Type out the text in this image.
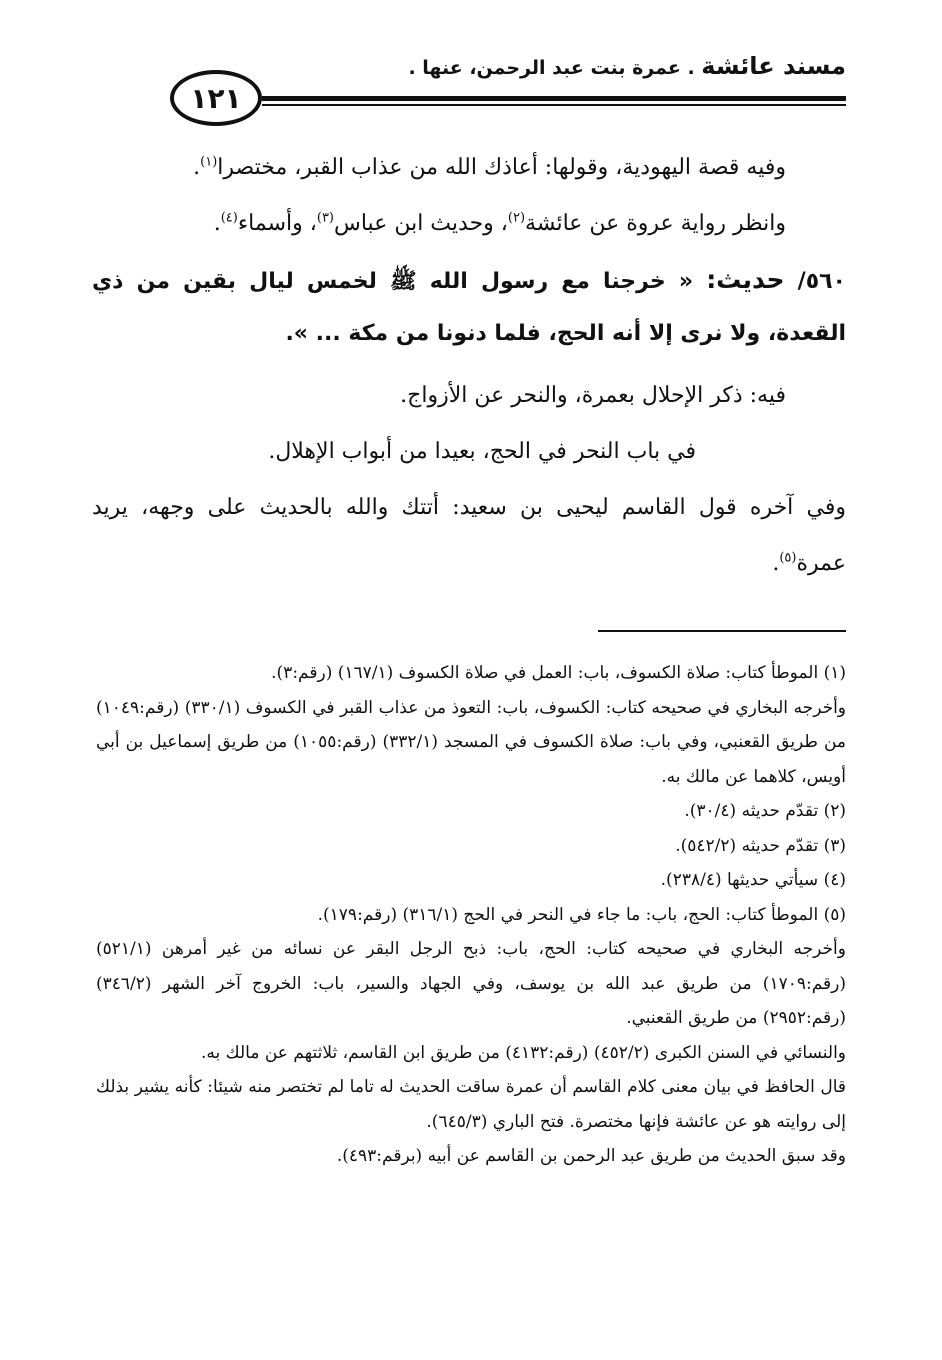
مسند عائشة . عمرة بنت عبد الرحمن، عنها .
١٢١

وفيه قصة اليهودية، وقولها: أعاذك الله من عذاب القبر، مختصرا$^{(١)}$.

وانظر رواية عروة عن عائشة$^{(٢)}$، وحديث ابن عباس$^{(٣)}$، وأسماء$^{(٤)}$.

٥٦٠/ حديث: « خرجنا مع رسول الله ﷺ لخمس ليال بقين من ذي القعدة، ولا نرى إلا أنه الحج، فلما دنونا من مكة ... ».

فيه: ذكر الإحلال بعمرة، والنحر عن الأزواج.

في باب النحر في الحج، بعيدا من أبواب الإهلال.

وفي آخره قول القاسم ليحيى بن سعيد: أتتك والله بالحديث على وجهه، يريد عمرة$^{(٥)}$.

(١) الموطأ كتاب: صلاة الكسوف، باب: العمل في صلاة الكسوف (١٦٧/١) (رقم:٣).

وأخرجه البخاري في صحيحه كتاب: الكسوف، باب: التعوذ من عذاب القبر في الكسوف (٣٣٠/١) (رقم:١٠٤٩) من طريق القعنبي، وفي باب: صلاة الكسوف في المسجد (٣٣٢/١) (رقم:١٠٥٥) من طريق إسماعيل بن أبي أويس، كلاهما عن مالك به.

(٢) تقدّم حديثه (٣٠/٤).

(٣) تقدّم حديثه (٥٤٢/٢).

(٤) سيأتي حديثها (٢٣٨/٤).

(٥) الموطأ كتاب: الحج، باب: ما جاء في النحر في الحج (٣١٦/١) (رقم:١٧٩).

وأخرجه البخاري في صحيحه كتاب: الحج، باب: ذبح الرجل البقر عن نسائه من غير أمرهن (٥٢١/١) (رقم:١٧٠٩) من طريق عبد الله بن يوسف، وفي الجهاد والسير، باب: الخروج آخر الشهر (٣٤٦/٢) (رقم:٢٩٥٢) من طريق القعنبي.

والنسائي في السنن الكبرى (٤٥٢/٢) (رقم:٤١٣٢) من طريق ابن القاسم، ثلاثتهم عن مالك به.

قال الحافظ في بيان معنى كلام القاسم أن عمرة ساقت الحديث له تاما لم تختصر منه شيئا: كأنه يشير بذلك إلى روايته هو عن عائشة فإنها مختصرة. فتح الباري (٦٤٥/٣).

وقد سبق الحديث من طريق عبد الرحمن بن القاسم عن أبيه (برقم:٤٩٣).
